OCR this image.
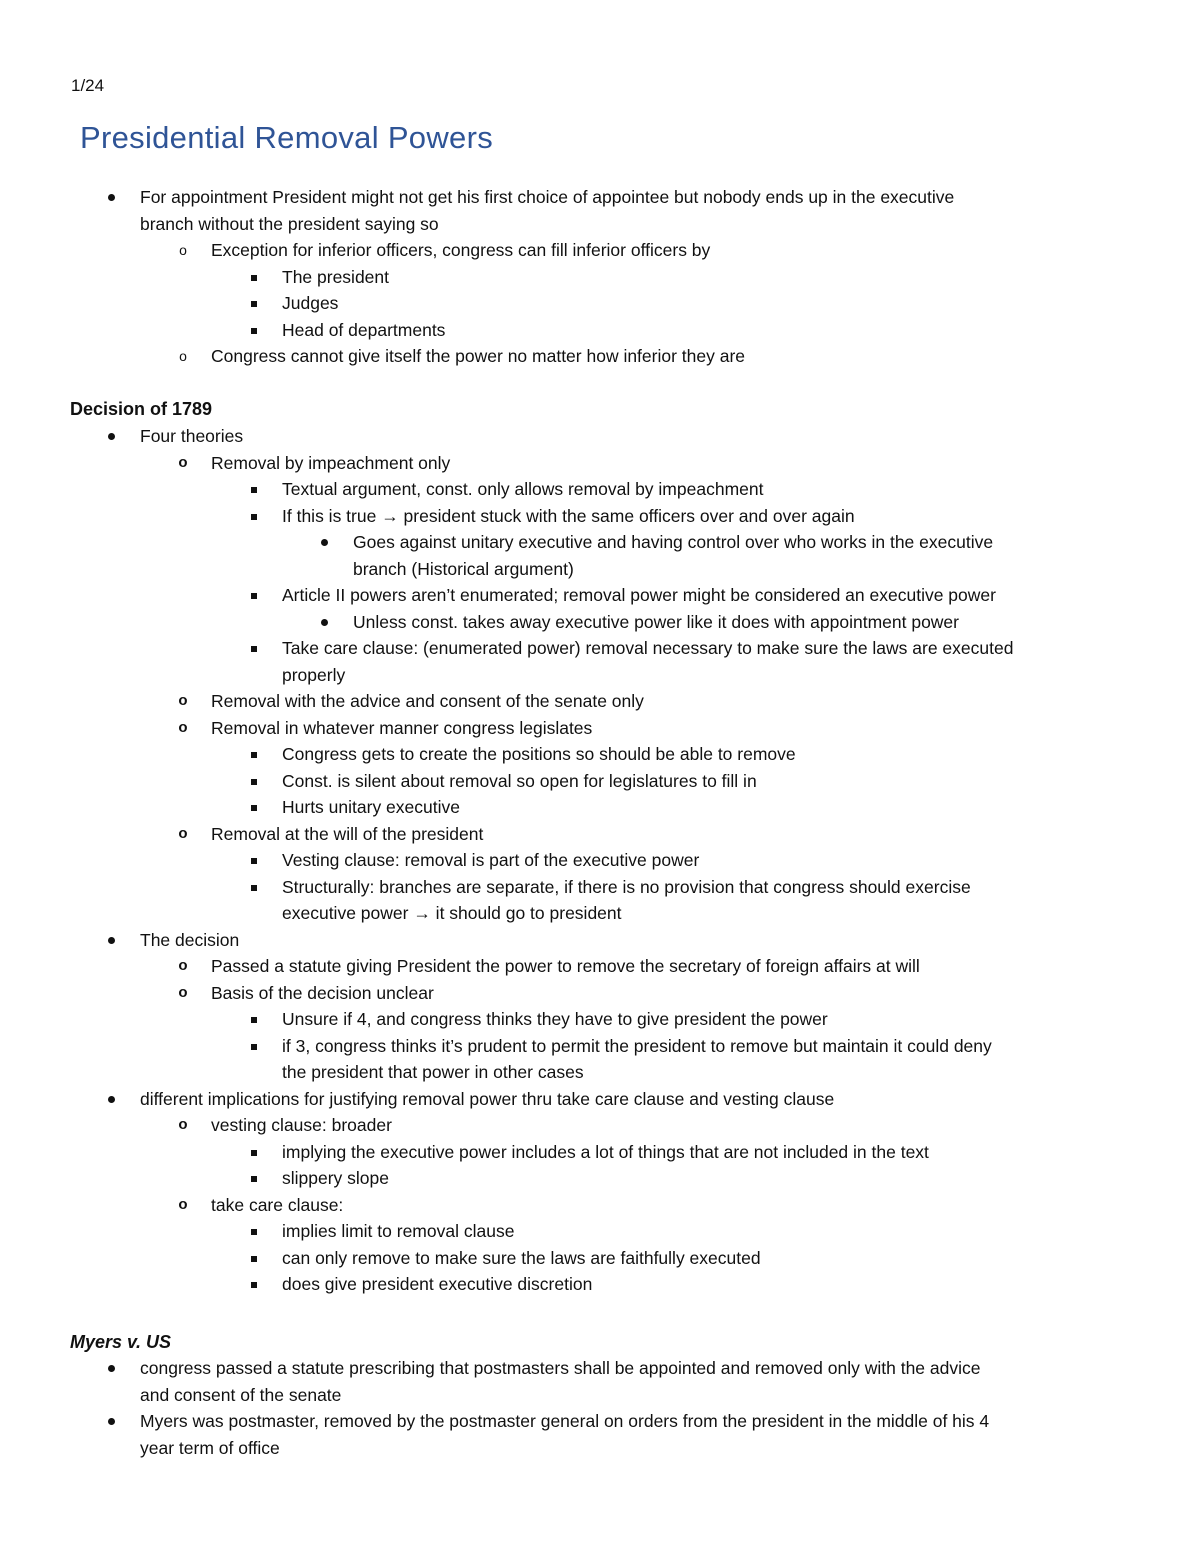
1/24
Presidential Removal Powers
For appointment President might not get his first choice of appointee but nobody ends up in the executive
branch without the president saying so
o Exception for inferior officers, congress can fill inferior officers by
The president
Judges
Head of departments
o Congress cannot give itself the power no matter how inferior they are
Decision of 1789
Four theories
o Removal by impeachment only
Textual argument, const. only allows removal by impeachment
If this is true → president stuck with the same officers over and over again
Goes against unitary executive and having control over who works in the executive
branch (Historical argument)
Article II powers aren’t enumerated; removal power might be considered an executive power
Unless const. takes away executive power like it does with appointment power
Take care clause: (enumerated power) removal necessary to make sure the laws are executed
properly
o Removal with the advice and consent of the senate only
o Removal in whatever manner congress legislates
Congress gets to create the positions so should be able to remove
Const. is silent about removal so open for legislatures to fill in
Hurts unitary executive
o Removal at the will of the president
Vesting clause: removal is part of the executive power
Structurally: branches are separate, if there is no provision that congress should exercise
executive power → it should go to president
The decision
o Passed a statute giving President the power to remove the secretary of foreign affairs at will
o Basis of the decision unclear
Unsure if 4, and congress thinks they have to give president the power
if 3, congress thinks it’s prudent to permit the president to remove but maintain it could deny
the president that power in other cases
different implications for justifying removal power thru take care clause and vesting clause
o vesting clause: broader
implying the executive power includes a lot of things that are not included in the text
slippery slope
o take care clause:
implies limit to removal clause
can only remove to make sure the laws are faithfully executed
does give president executive discretion
Myers v. US
congress passed a statute prescribing that postmasters shall be appointed and removed only with the advice
and consent of the senate
Myers was postmaster, removed by the postmaster general on orders from the president in the middle of his 4
year term of office
